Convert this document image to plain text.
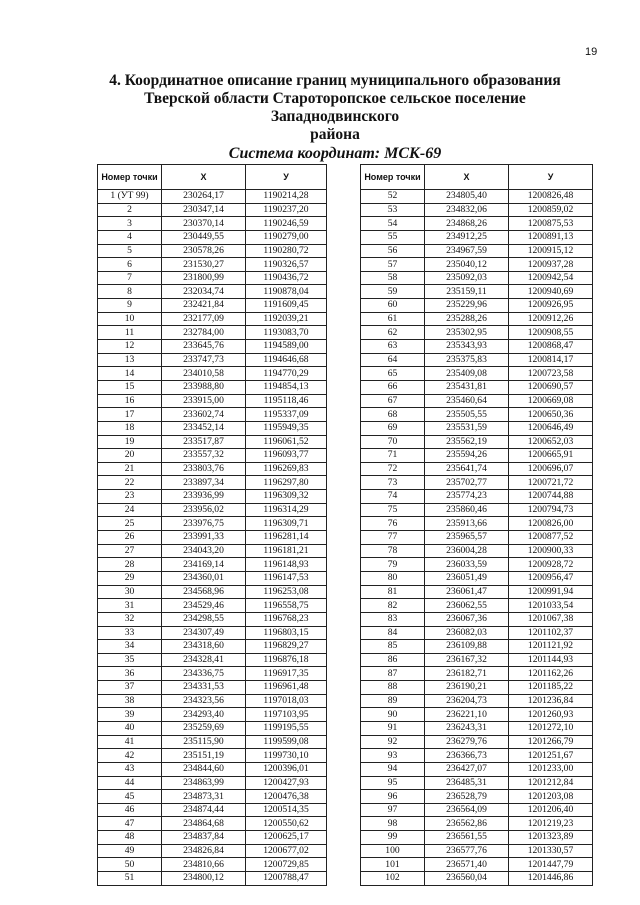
19
4. Координатное описание границ муниципального образования
Тверской области Староторопское сельское поселение Западнодвинского
района
Система координат: МСК-69
Номер точки	Х	У
1 (УТ 99)	230264,17	1190214,28
2	230347,14	1190237,20
3	230370,14	1190246,59
4	230449,55	1190279,00
5	230578,26	1190280,72
6	231530,27	1190326,57
7	231800,99	1190436,72
8	232034,74	1190878,04
9	232421,84	1191609,45
10	232177,09	1192039,21
11	232784,00	1193083,70
12	233645,76	1194589,00
13	233747,73	1194646,68
14	234010,58	1194770,29
15	233988,80	1194854,13
16	233915,00	1195118,46
17	233602,74	1195337,09
18	233452,14	1195949,35
19	233517,87	1196061,52
20	233557,32	1196093,77
21	233803,76	1196269,83
22	233897,34	1196297,80
23	233936,99	1196309,32
24	233956,02	1196314,29
25	233976,75	1196309,71
26	233991,33	1196281,14
27	234043,20	1196181,21
28	234169,14	1196148,93
29	234360,01	1196147,53
30	234568,96	1196253,08
31	234529,46	1196558,75
32	234298,55	1196768,23
33	234307,49	1196803,15
34	234318,60	1196829,27
35	234328,41	1196876,18
36	234336,75	1196917,35
37	234331,53	1196961,48
38	234323,56	1197018,03
39	234293,40	1197103,95
40	235259,69	1199195,55
41	235115,90	1199599,08
42	235151,19	1199730,10
43	234844,60	1200396,01
44	234863,99	1200427,93
45	234873,31	1200476,38
46	234874,44	1200514,35
47	234864,68	1200550,62
48	234837,84	1200625,17
49	234826,84	1200677,02
50	234810,66	1200729,85
51	234800,12	1200788,47
Номер точки	Х	У
52	234805,40	1200826,48
53	234832,06	1200859,02
54	234868,26	1200875,53
55	234912,25	1200891,13
56	234967,59	1200915,12
57	235040,12	1200937,28
58	235092,03	1200942,54
59	235159,11	1200940,69
60	235229,96	1200926,95
61	235288,26	1200912,26
62	235302,95	1200908,55
63	235343,93	1200868,47
64	235375,83	1200814,17
65	235409,08	1200723,58
66	235431,81	1200690,57
67	235460,64	1200669,08
68	235505,55	1200650,36
69	235531,59	1200646,49
70	235562,19	1200652,03
71	235594,26	1200665,91
72	235641,74	1200696,07
73	235702,77	1200721,72
74	235774,23	1200744,88
75	235860,46	1200794,73
76	235913,66	1200826,00
77	235965,57	1200877,52
78	236004,28	1200900,33
79	236033,59	1200928,72
80	236051,49	1200956,47
81	236061,47	1200991,94
82	236062,55	1201033,54
83	236067,36	1201067,38
84	236082,03	1201102,37
85	236109,88	1201121,92
86	236167,32	1201144,93
87	236182,71	1201162,26
88	236190,21	1201185,22
89	236204,73	1201236,84
90	236221,10	1201260,93
91	236243,31	1201272,10
92	236279,76	1201266,79
93	236366,73	1201251,67
94	236427,07	1201233,00
95	236485,31	1201212,84
96	236528,79	1201203,08
97	236564,09	1201206,40
98	236562,86	1201219,23
99	236561,55	1201323,89
100	236577,76	1201330,57
101	236571,40	1201447,79
102	236560,04	1201446,86
